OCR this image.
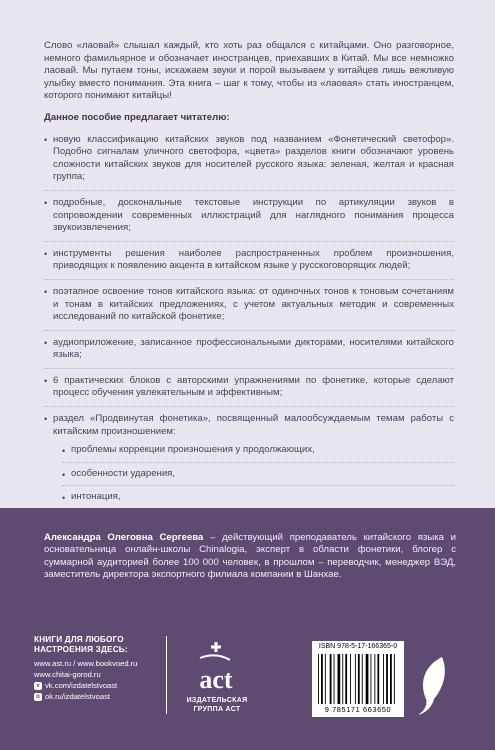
Слово «лаовай» слышал каждый, кто хоть раз общался с китайцами. Оно разговорное, немного фамильярное и обозначает иностранцев, приехавших в Китай. Мы все немножко лаовай. Мы путаем тоны, искажаем звуки и порой вызываем у китайцев лишь вежливую улыбку вместо понимания. Эта книга – шаг к тому, чтобы из «лаовая» стать иностранцем, которого понимают китайцы!

Данное пособие предлагает читателю:

• новую классификацию китайских звуков под названием «Фонетический светофор». Подобно сигналам уличного светофора, «цвета» разделов книги обозначают уровень сложности китайских звуков для носителей русского языка: зеленая, желтая и красная группа;
• подробные, доскональные текстовые инструкции по артикуляции звуков в сопровождении современных иллюстраций для наглядного понимания процесса звукоизвлечения;
• инструменты решения наиболее распространенных проблем произношения, приводящих к появлению акцента в китайском языке у русскоговорящих людей;
• поэтапное освоение тонов китайского языка: от одиночных тонов к тоновым сочетаниям и тонам в китайских предложениях, с учетом актуальных методик и современных исследований по китайской фонетике;
• аудиоприложение, записанное профессиональными дикторами, носителями китайского языка;
• 6 практических блоков с авторскими упражнениями по фонетике, которые сделают процесс обучения увлекательным и эффективным;
• раздел «Продвинутая фонетика», посвященный малообсуждаемым темам работы с китайским произношением:
• проблемы коррекции произношения у продолжающих,
• особенности ударения,
• интонация,

Александра Олеговна Сергеева – действующий преподаватель китайского языка и основательница онлайн-школы Chinalogia, эксперт в области фонетики, блогер с суммарной аудиторией более 100 000 человек, в прошлом – переводчик, менеджер ВЭД, заместитель директора экспортного филиала компании в Шанхае.

КНИГИ ДЛЯ ЛЮБОГО
НАСТРОЕНИЯ ЗДЕСЬ:
www.ast.ru / www.bookvoed.ru
www.chitai-gorod.ru
v vk.com/izdatelstvoast
o ok.ru/izdatelstvoast
act
ИЗДАТЕЛЬСКАЯ
ГРУППА АСТ
ISBN 978-5-17-166365-0
9 785171 663650
